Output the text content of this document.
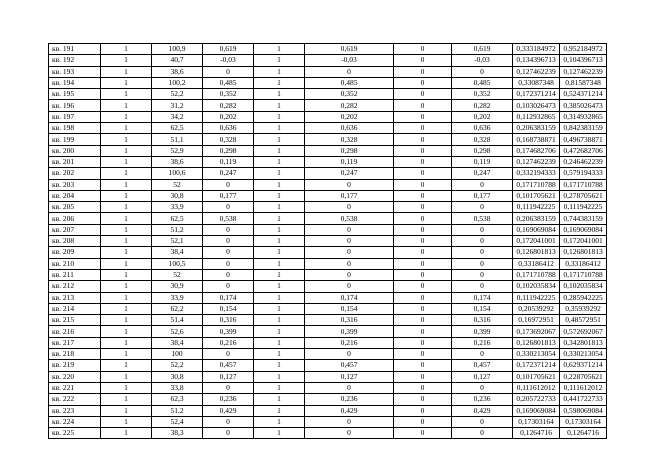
кв. 191	1	100,9	0,619	1	0,619	0	0,619	0,333184972	0,952184972
кв. 192	1	40,7	-0,03	1	-0,03	0	-0,03	0,134396713	0,104396713
кв. 193	1	38,6	0	1	0	0	0	0,127462239	0,127462239
кв. 194	1	100,2	0,485	1	0,485	0	0,485	0,33087348	0,81587348
кв. 195	1	52,2	0,352	1	0,352	0	0,352	0,172371214	0,524371214
кв. 196	1	31,2	0,282	1	0,282	0	0,282	0,103026473	0,385026473
кв. 197	1	34,2	0,202	1	0,202	0	0,202	0,112932865	0,314932865
кв. 198	1	62,5	0,636	1	0,636	0	0,636	0,206383159	0,842383159
кв. 199	1	51,1	0,328	1	0,328	0	0,328	0,168738871	0,496738871
кв. 200	1	52,9	0,298	1	0,298	0	0,298	0,174682706	0,472682706
кв. 201	1	38,6	0,119	1	0,119	0	0,119	0,127462239	0,246462239
кв. 202	1	100,6	0,247	1	0,247	0	0,247	0,332194333	0,579194333
кв. 203	1	52	0	1	0	0	0	0,171710788	0,171710788
кв. 204	1	30,8	0,177	1	0,177	0	0,177	0,101705621	0,278705621
кв. 205	1	33,9	0	1	0	0	0	0,111942225	0,111942225
кв. 206	1	62,5	0,538	1	0,538	0	0,538	0,206383159	0,744383159
кв. 207	1	51,2	0	1	0	0	0	0,169069084	0,169069084
кв. 208	1	52,1	0	1	0	0	0	0,172041001	0,172041001
кв. 209	1	38,4	0	1	0	0	0	0,126801813	0,126801813
кв. 210	1	100,5	0	1	0	0	0	0,33186412	0,33186412
кв. 211	1	52	0	1	0	0	0	0,171710788	0,171710788
кв. 212	1	30,9	0	1	0	0	0	0,102035834	0,102035834
кв. 213	1	33,9	0,174	1	0,174	0	0,174	0,111942225	0,285942225
кв. 214	1	62,2	0,154	1	0,154	0	0,154	0,20539292	0,35939292
кв. 215	1	51,4	0,316	1	0,316	0	0,316	0,16972951	0,48572951
кв. 216	1	52,6	0,399	1	0,399	0	0,399	0,173692067	0,572692067
кв. 217	1	38,4	0,216	1	0,216	0	0,216	0,126801813	0,342801813
кв. 218	1	100	0	1	0	0	0	0,330213054	0,330213054
кв. 219	1	52,2	0,457	1	0,457	0	0,457	0,172371214	0,629371214
кв. 220	1	30,8	0,127	1	0,127	0	0,127	0,101705621	0,228705621
кв. 221	1	33,8	0	1	0	0	0	0,111612012	0,111612012
кв. 222	1	62,3	0,236	1	0,236	0	0,236	0,205722733	0,441722733
кв. 223	1	51,2	0,429	1	0,429	0	0,429	0,169069084	0,598069084
кв. 224	1	52,4	0	1	0	0	0	0,17303164	0,17303164
кв. 225	1	38,3	0	1	0	0	0	0,1264716	0,1264716
